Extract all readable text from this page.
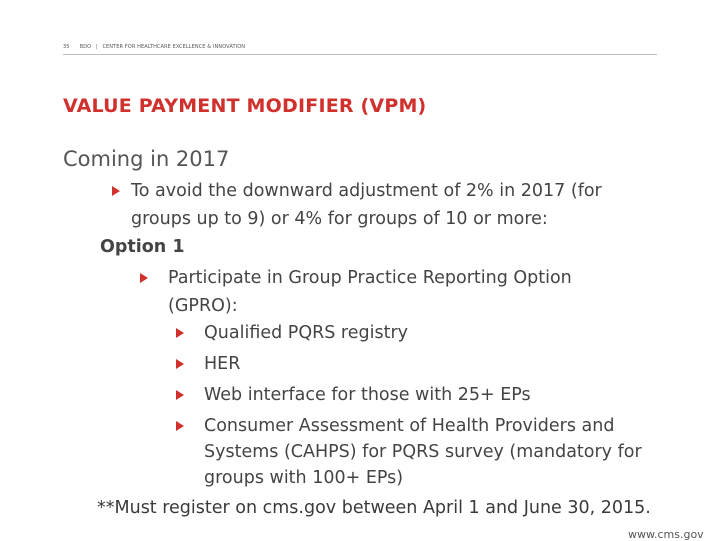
35 BDO | CENTER FOR HEALTHCARE EXCELLENCE & INNOVATION
VALUE PAYMENT MODIFIER (VPM)
Coming in 2017
To avoid the downward adjustment of 2% in 2017 (for
groups up to 9) or 4% for groups of 10 or more:
Option 1
Participate in Group Practice Reporting Option
(GPRO):
Qualified PQRS registry
HER
Web interface for those with 25+ EPs
Consumer Assessment of Health Providers and
Systems (CAHPS) for PQRS survey (mandatory for
groups with 100+ EPs)
**Must register on cms.gov between April 1 and June 30, 2015.
www.cms.gov
